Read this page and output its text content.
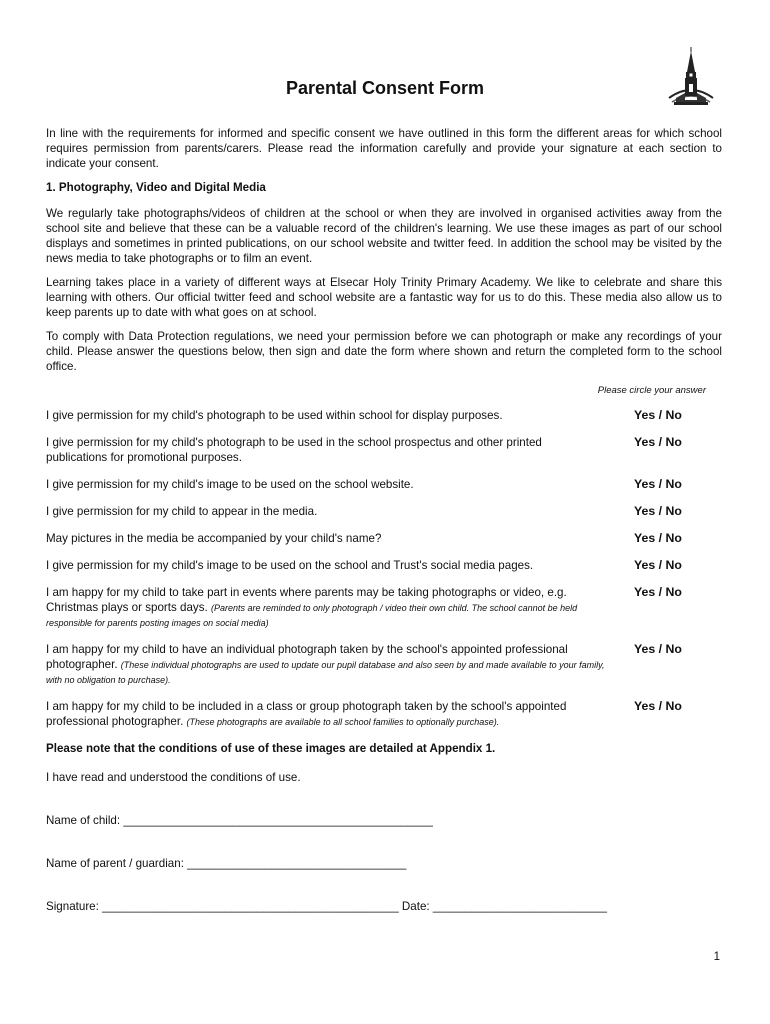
Parental Consent Form

In line with the requirements for informed and specific consent we have outlined in this form the different areas for which school requires permission from parents/carers. Please read the information carefully and provide your signature at each section to indicate your consent.

1. Photography, Video and Digital Media

We regularly take photographs/videos of children at the school or when they are involved in organised activities away from the school site and believe that these can be a valuable record of the children's learning. We use these images as part of our school displays and sometimes in printed publications, on our school website and twitter feed. In addition the school may be visited by the news media to take photographs or to film an event.

Learning takes place in a variety of different ways at Elsecar Holy Trinity Primary Academy. We like to celebrate and share this learning with others. Our official twitter feed and school website are a fantastic way for us to do this. These media also allow us to keep parents up to date with what goes on at school.

To comply with Data Protection regulations, we need your permission before we can photograph or make any recordings of your child. Please answer the questions below, then sign and date the form where shown and return the completed form to the school office.

Please circle your answer

I give permission for my child's photograph to be used within school for display purposes.	Yes / No
I give permission for my child's photograph to be used in the school prospectus and other printed publications for promotional purposes.
Yes / No
I give permission for my child's image to be used on the school website.	Yes / No
I give permission for my child to appear in the media.	Yes / No
May pictures in the media be accompanied by your child's name?	Yes / No
I give permission for my child's image to be used on the school and Trust's social media pages.	Yes / No
I am happy for my child to take part in events where parents may be taking photographs or video, e.g. Christmas plays or sports days. (Parents are reminded to only photograph / video their own child. The school cannot be held responsible for parents posting images on social media)
Yes / No
I am happy for my child to have an individual photograph taken by the school's appointed professional photographer. (These individual photographs are used to update our pupil database and also seen by and made available to your family, with no obligation to purchase).
Yes / No
I am happy for my child to be included in a class or group photograph taken by the school's appointed professional photographer. (These photographs are available to all school families to optionally purchase).
Yes / No

Please note that the conditions of use of these images are detailed at Appendix 1.

I have read and understood the conditions of use.

Name of child: ________________________________________________

Name of parent / guardian: __________________________________

Signature: ______________________________________________ Date: ___________________________

1
